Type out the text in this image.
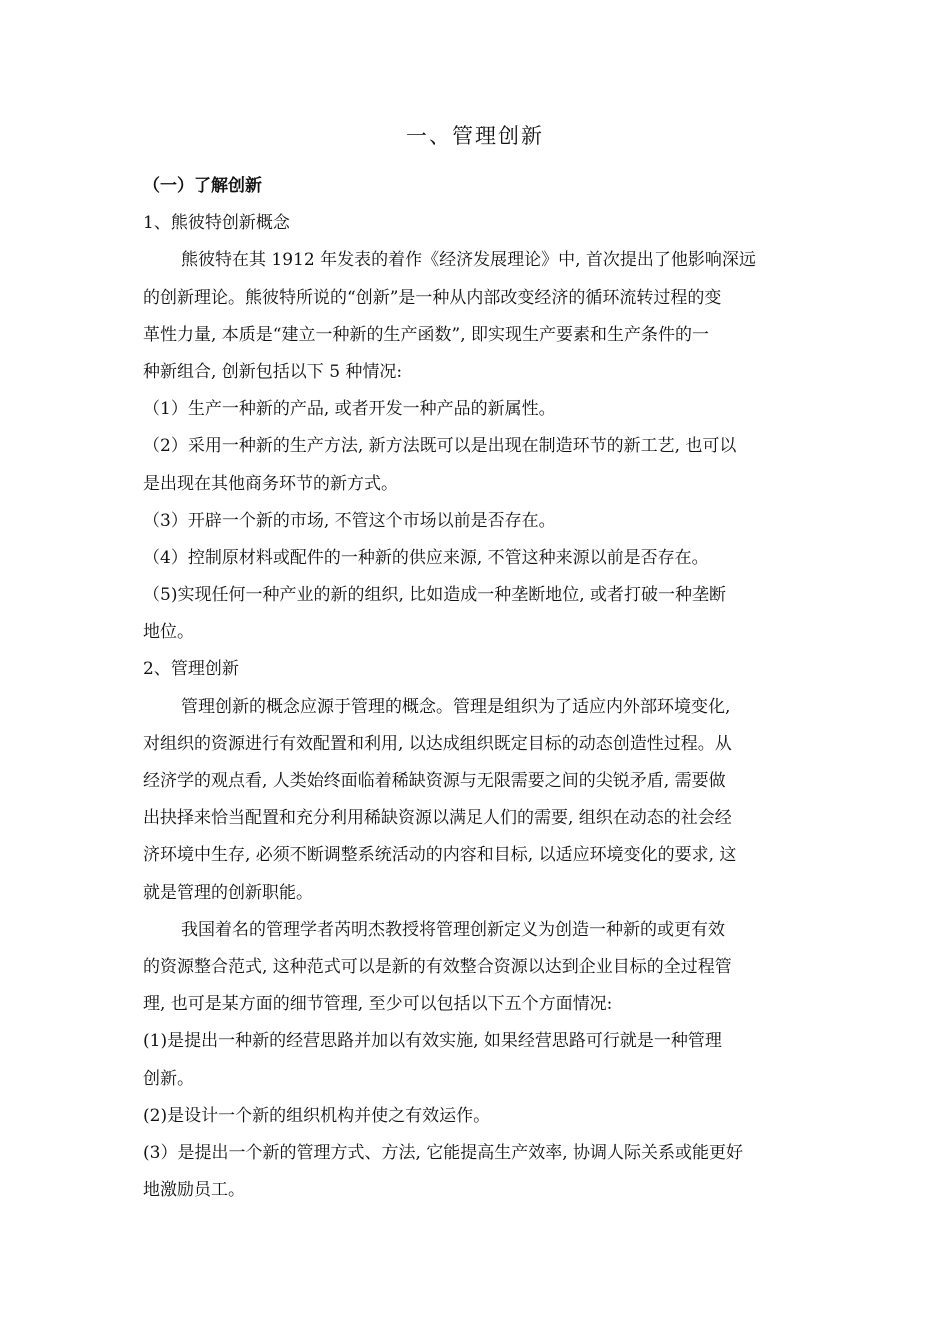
一、管理创新
（一）了解创新
1、熊彼特创新概念
熊彼特在其 1912 年发表的着作《经济发展理论》中, 首次提出了他影响深远
的创新理论。熊彼特所说的“创新”是一种从内部改变经济的循环流转过程的变
革性力量, 本质是“建立一种新的生产函数”, 即实现生产要素和生产条件的一
种新组合, 创新包括以下 5 种情况:
（1）生产一种新的产品, 或者开发一种产品的新属性。
（2）采用一种新的生产方法, 新方法既可以是出现在制造环节的新工艺, 也可以
是出现在其他商务环节的新方式。
（3）开辟一个新的市场, 不管这个市场以前是否存在。
（4）控制原材料或配件的一种新的供应来源, 不管这种来源以前是否存在。
（5)实现任何一种产业的新的组织, 比如造成一种垄断地位, 或者打破一种垄断
地位。
2、管理创新
管理创新的概念应源于管理的概念。管理是组织为了适应内外部环境变化,
对组织的资源进行有效配置和利用, 以达成组织既定目标的动态创造性过程。从
经济学的观点看, 人类始终面临着稀缺资源与无限需要之间的尖锐矛盾, 需要做
出抉择来恰当配置和充分利用稀缺资源以满足人们的需要, 组织在动态的社会经
济环境中生存, 必须不断调整系统活动的内容和目标, 以适应环境变化的要求, 这
就是管理的创新职能。
我国着名的管理学者芮明杰教授将管理创新定义为创造一种新的或更有效
的资源整合范式, 这种范式可以是新的有效整合资源以达到企业目标的全过程管
理, 也可是某方面的细节管理, 至少可以包括以下五个方面情况:
(1)是提出一种新的经营思路并加以有效实施, 如果经营思路可行就是一种管理
创新。
(2)是设计一个新的组织机构并使之有效运作。
(3）是提出一个新的管理方式、方法, 它能提高生产效率, 协调人际关系或能更好
地激励员工。
